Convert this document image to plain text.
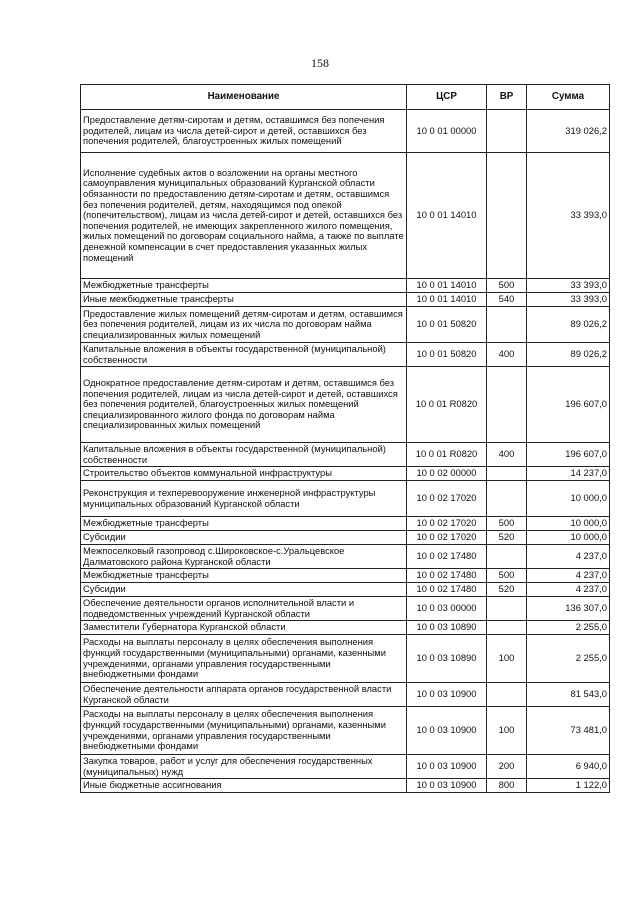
158
Наименование	ЦСР	ВР	Сумма
Предоставление детям-сиротам и детям, оставшимся без попечения родителей, лицам из числа детей-сирот и детей, оставшихся без попечения родителей, благоустроенных жилых помещений	10 0 01 00000		319 026,2
Исполнение судебных актов о возложении на органы местного самоуправления муниципальных образований Курганской области обязанности по предоставлению детям-сиротам и детям, оставшимся без попечения родителей, детям, находящимся под опекой (попечительством), лицам из числа детей-сирот и детей, оставшихся без попечения родителей, не имеющих закрепленного жилого помещения, жилых помещений по договорам социального найма, а также по выплате денежной компенсации в счет предоставления указанных жилых помещений	10 0 01 14010		33 393,0
Межбюджетные трансферты	10 0 01 14010	500	33 393,0
Иные межбюджетные трансферты	10 0 01 14010	540	33 393,0
Предоставление жилых помещений детям-сиротам и детям, оставшимся без попечения родителей, лицам из их числа по договорам найма специализированных жилых помещений	10 0 01 50820		89 026,2
Капитальные вложения в объекты государственной (муниципальной) собственности	10 0 01 50820	400	89 026,2
Однократное предоставление детям-сиротам и детям, оставшимся без попечения родителей, лицам из числа детей-сирот и детей, оставшихся без попечения родителей, благоустроенных жилых помещений специализированного жилого фонда по договорам найма специализированных жилых помещений	10 0 01 R0820		196 607,0
Капитальные вложения в объекты государственной (муниципальной) собственности	10 0 01 R0820	400	196 607,0
Строительство объектов коммунальной инфраструктуры	10 0 02 00000		14 237,0
Реконструкция и техперевооружение инженерной инфраструктуры муниципальных образований Курганской области	10 0 02 17020		10 000,0
Межбюджетные трансферты	10 0 02 17020	500	10 000,0
Субсидии	10 0 02 17020	520	10 000,0
Межпоселковый газопровод с.Широковское-с.Уральцевское Далматовского района Курганской области	10 0 02 17480		4 237,0
Межбюджетные трансферты	10 0 02 17480	500	4 237,0
Субсидии	10 0 02 17480	520	4 237,0
Обеспечение деятельности органов исполнительной власти и подведомственных учреждений Курганской области	10 0 03 00000		136 307,0
Заместители Губернатора Курганской области	10 0 03 10890		2 255,0
Расходы на выплаты персоналу в целях обеспечения выполнения функций государственными (муниципальными) органами, казенными учреждениями, органами управления государственными внебюджетными фондами	10 0 03 10890	100	2 255,0
Обеспечение деятельности аппарата органов государственной власти Курганской области	10 0 03 10900		81 543,0
Расходы на выплаты персоналу в целях обеспечения выполнения функций государственными (муниципальными) органами, казенными учреждениями, органами управления государственными внебюджетными фондами	10 0 03 10900	100	73 481,0
Закупка товаров, работ и услуг для обеспечения государственных (муниципальных) нужд	10 0 03 10900	200	6 940,0
Иные бюджетные ассигнования	10 0 03 10900	800	1 122,0
